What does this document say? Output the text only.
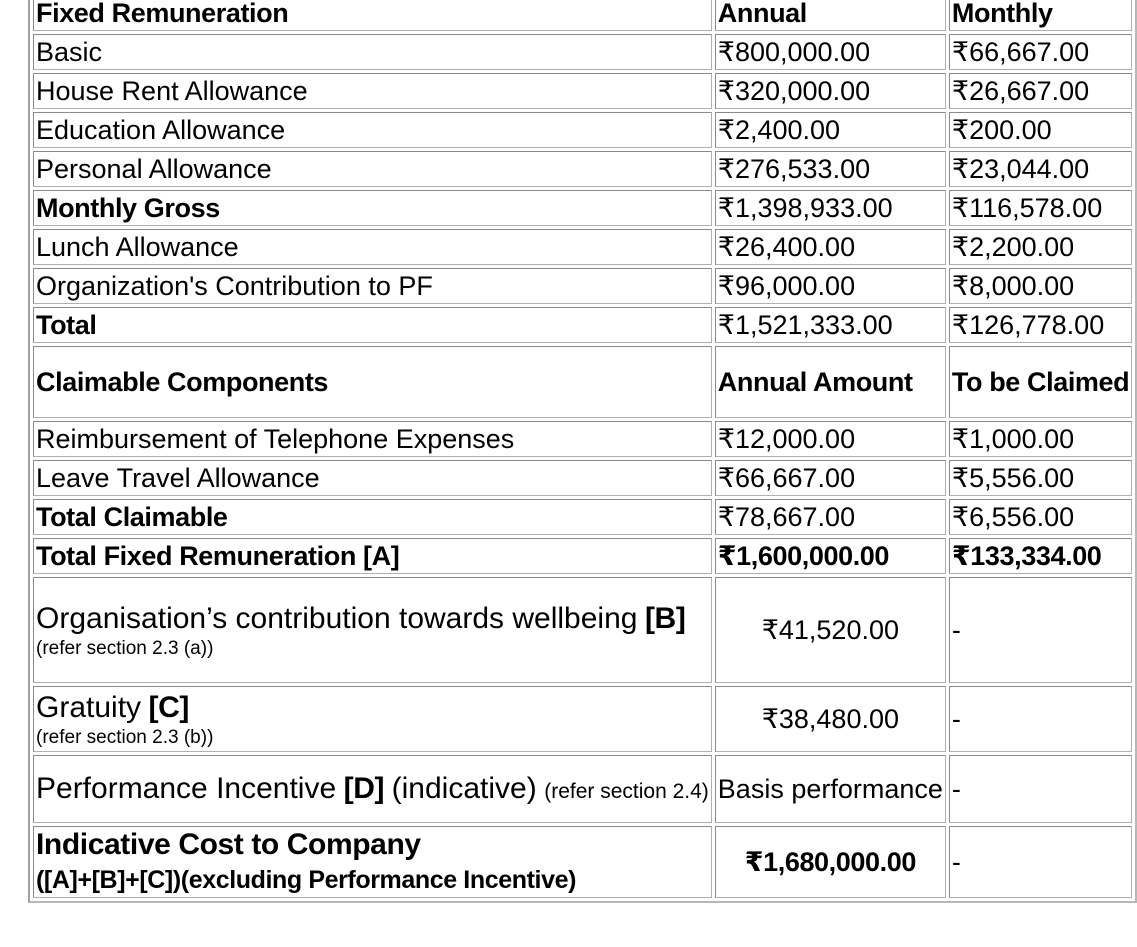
Fixed Remuneration	Annual	Monthly
Basic	₹800,000.00	₹66,667.00
House Rent Allowance	₹320,000.00	₹26,667.00
Education Allowance	₹2,400.00	₹200.00
Personal Allowance	₹276,533.00	₹23,044.00
Monthly Gross	₹1,398,933.00	₹116,578.00
Lunch Allowance	₹26,400.00	₹2,200.00
Organization's Contribution to PF	₹96,000.00	₹8,000.00
Total	₹1,521,333.00	₹126,778.00
Claimable Components	Annual Amount	To be Claimed
Reimbursement of Telephone Expenses	₹12,000.00	₹1,000.00
Leave Travel Allowance	₹66,667.00	₹5,556.00
Total Claimable	₹78,667.00	₹6,556.00
Total Fixed Remuneration [A]	₹1,600,000.00	₹133,334.00
Organisation’s contribution towards wellbeing [B]
(refer section 2.3 (a))	₹41,520.00	-
Gratuity [C]
(refer section 2.3 (b))	₹38,480.00	-
Performance Incentive [D] (indicative) (refer section 2.4)	Basis performance	-
Indicative Cost to Company
([A]+[B]+[C])(excluding Performance Incentive)	₹1,680,000.00	-
